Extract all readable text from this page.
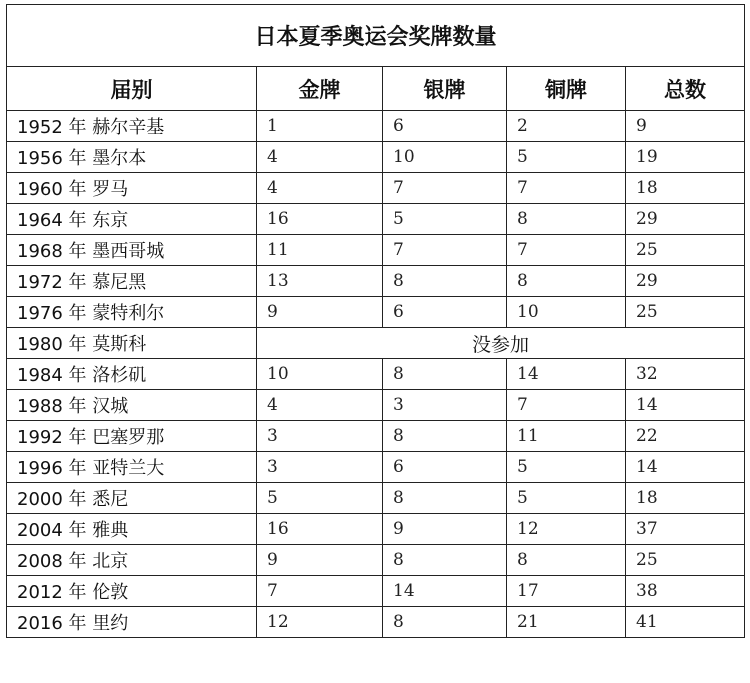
日本夏季奥运会奖牌数量				
届别	金牌	银牌	铜牌	总数
1952 年 赫尔辛基	1	6	2	9
1956 年 墨尔本	4	10	5	19
1960 年 罗马	4	7	7	18
1964 年 东京	16	5	8	29
1968 年 墨西哥城	11	7	7	25
1972 年 慕尼黑	13	8	8	29
1976 年 蒙特利尔	9	6	10	25
1980 年 莫斯科	没参加			
1984 年 洛杉矶	10	8	14	32
1988 年 汉城	4	3	7	14
1992 年 巴塞罗那	3	8	11	22
1996 年 亚特兰大	3	6	5	14
2000 年 悉尼	5	8	5	18
2004 年 雅典	16	9	12	37
2008 年 北京	9	8	8	25
2012 年 伦敦	7	14	17	38
2016 年 里约	12	8	21	41
